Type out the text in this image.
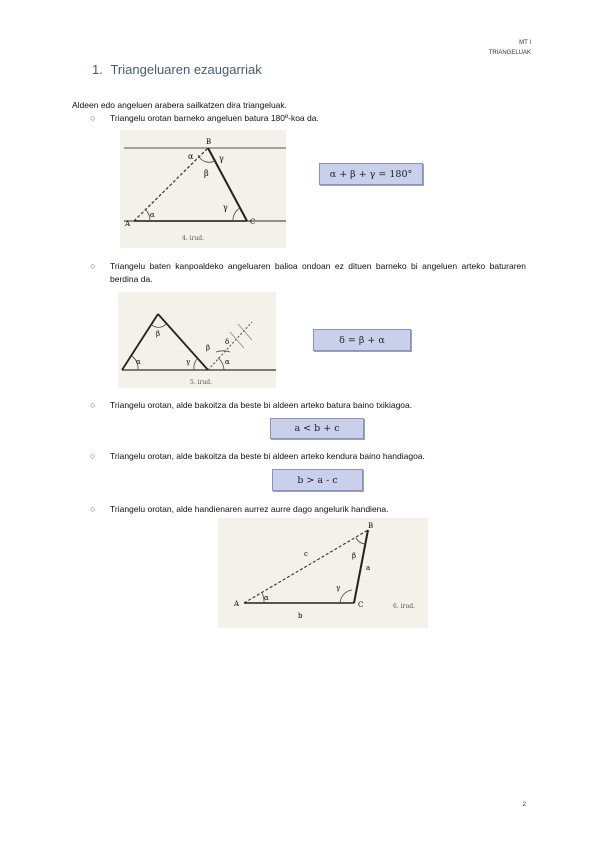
MT I
TRIANGELUAK
1. Triangeluaren ezaugarriak
Aldeen edo angeluen arabera sailkatzen dira triangeluak.
○ Triangelu orotan barneko angeluen batura 180º-koa da.
A
B
C
α
β
γ
α
γ
4. irud.
α + β + γ = 180°
○ Triangelu baten kanpoaldeko angeluaren balioa ondoan ez dituen barneko bi angeluen arteko baturaren berdina da.
α
β
γ
β
α
δ
5. irud.
δ = β + α
○ Triangelu orotan, alde bakoitza da beste bi aldeen arteko batura baino txikiagoa.
a < b + c
○ Triangelu orotan, alde bakoitza da beste bi aldeen arteko kendura baino handiagoa.
b > a - c
○ Triangelu orotan, alde handienaren aurrez aurre dago angelurik handiena.
A
B
C
c
a
b
α
β
γ
6. irud.
2
